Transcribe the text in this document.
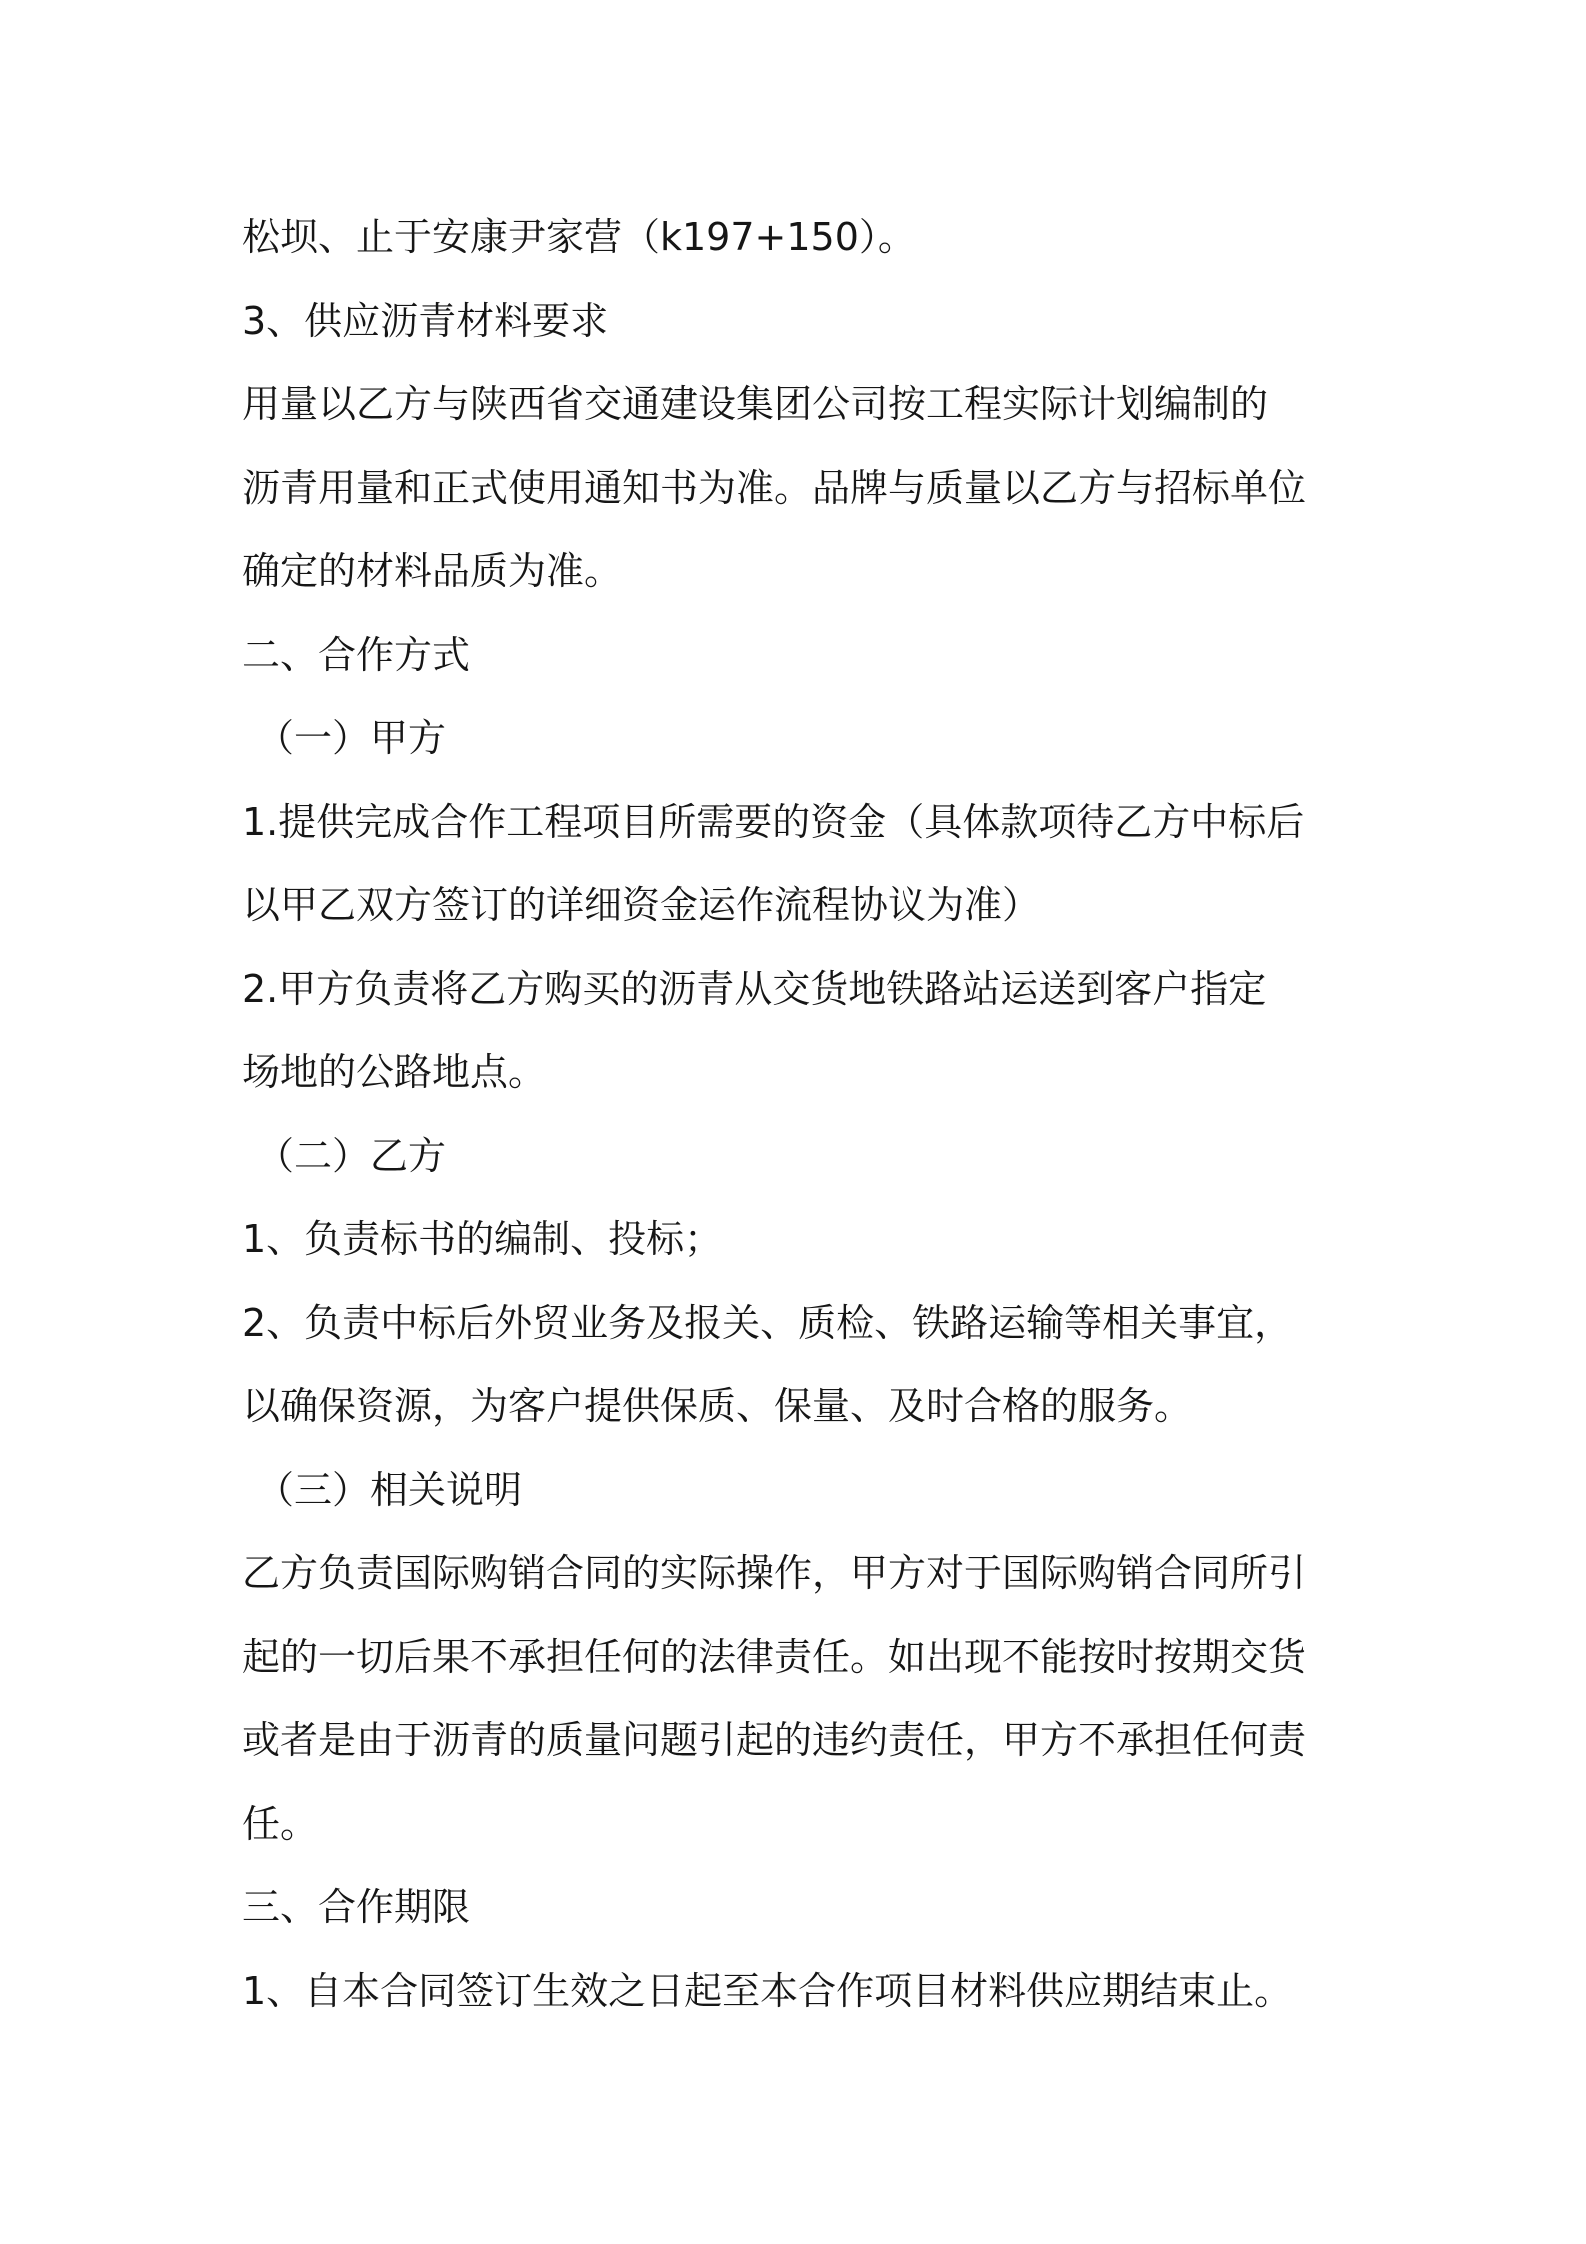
松坝、止于安康尹家营（k197+150）。
3、供应沥青材料要求
用量以乙方与陕西省交通建设集团公司按工程实际计划编制的
沥青用量和正式使用通知书为准。品牌与质量以乙方与招标单位
确定的材料品质为准。
二、合作方式
（一）甲方
1.提供完成合作工程项目所需要的资金（具体款项待乙方中标后
以甲乙双方签订的详细资金运作流程协议为准）
2.甲方负责将乙方购买的沥青从交货地铁路站运送到客户指定
场地的公路地点。
（二）乙方
1、负责标书的编制、投标；
2、负责中标后外贸业务及报关、质检、铁路运输等相关事宜，
以确保资源，为客户提供保质、保量、及时合格的服务。
（三）相关说明
乙方负责国际购销合同的实际操作，甲方对于国际购销合同所引
起的一切后果不承担任何的法律责任。如出现不能按时按期交货
或者是由于沥青的质量问题引起的违约责任，甲方不承担任何责
任。
三、合作期限
1、自本合同签订生效之日起至本合作项目材料供应期结束止。
